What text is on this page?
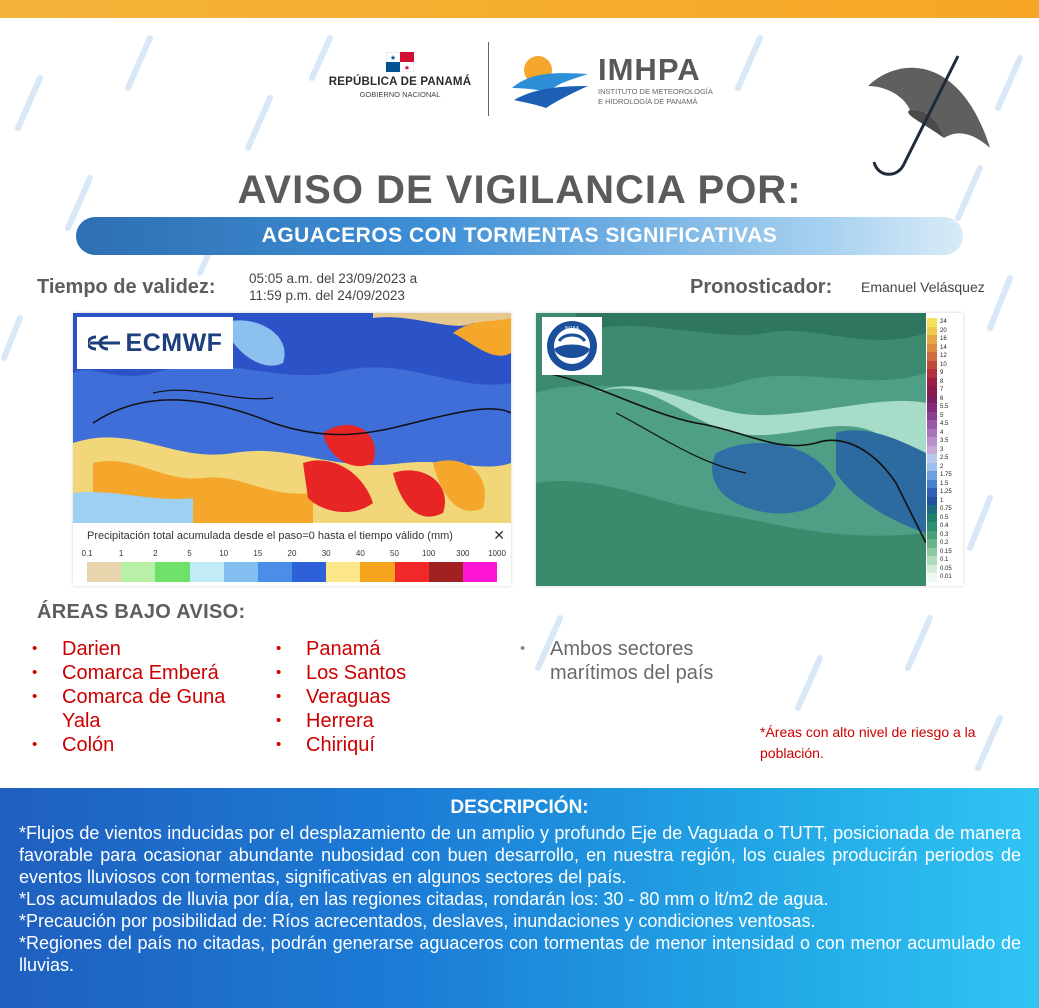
★
★
REPÚBLICA DE PANAMÁ
GOBIERNO NACIONAL
IMHPA
INSTITUTO DE METEOROLOGÍA
E HIDROLOGÍA DE PANAMÁ
AVISO DE VIGILANCIA POR:
AGUACEROS CON TORMENTAS SIGNIFICATIVAS
Tiempo de validez: 05:05 a.m. del 23/09/2023 a
11:59 p.m. del 24/09/2023	Pronosticador: Emanuel Velásquez
ECMWF
Precipitación total acumulada desde el paso=0 hasta el tiempo válido (mm)	✕
0.1	1	2	5	10	15	20	30	40	50	100	300 1000
NOAA
24
20
16
14
12
10
9
8
7
6
5.5
5
4.5
4
3.5
3
2.5
2
1.75
1.5
1.25
1
0.75
0.5
0.4
0.3
0.2
0.15
0.1
0.05
0.01
ÁREAS BAJO AVISO:
• Darien
• Comarca Emberá
• Comarca de Guna Yala
• Colón
• Panamá
• Los Santos
• Veraguas
• Herrera
• Chiriquí
• Ambos sectores marítimos del país
*Áreas con alto nivel de riesgo a la población.
DESCRIPCIÓN:

*Flujos de vientos inducidas por el desplazamiento de un amplio y profundo Eje de Vaguada o TUTT, posicionada de manera favorable para ocasionar abundante nubosidad con buen desarrollo, en nuestra región, los cuales producirán periodos de eventos lluviosos con tormentas, significativas en algunos sectores del país.

*Los acumulados de lluvia por día, en las regiones citadas, rondarán los: 30 - 80 mm o lt/m2 de agua.

*Precaución por posibilidad de: Ríos acrecentados, deslaves, inundaciones y condiciones ventosas.

*Regiones del país no citadas, podrán generarse aguaceros con tormentas de menor intensidad o con menor acumulado de lluvias.
